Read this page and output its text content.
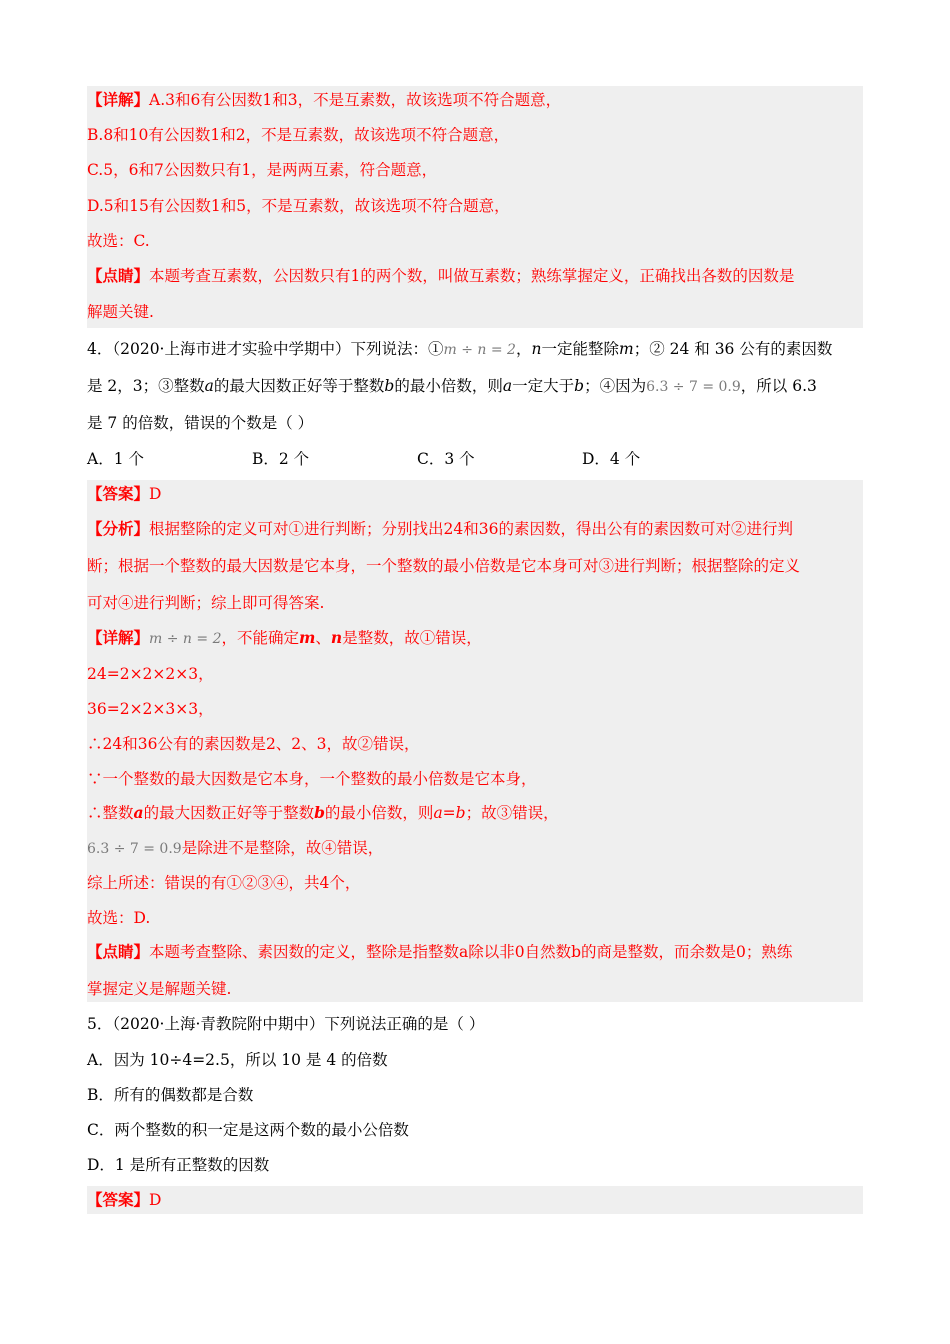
【详解】A.3和6有公因数1和3，不是互素数，故该选项不符合题意，
B.8和10有公因数1和2，不是互素数，故该选项不符合题意，
C.5，6和7公因数只有1，是两两互素，符合题意，
D.5和15有公因数1和5，不是互素数，故该选项不符合题意，
故选：C.
【点睛】本题考查互素数，公因数只有1的两个数，叫做互素数；熟练掌握定义，正确找出各数的因数是
解题关键.
4．（2020·上海市进才实验中学期中）下列说法：①m ÷ n = 2，n一定能整除m；② 24 和 36 公有的素因数
是 2，3；③整数a的最大因数正好等于整数b的最小倍数，则a一定大于b；④因为6.3 ÷ 7 = 0.9，所以 6.3
是 7 的倍数，错误的个数是（ ）
A．1 个	B．2 个	C．3 个	D．4 个
【答案】D
【分析】根据整除的定义可对①进行判断；分别找出24和36的素因数，得出公有的素因数可对②进行判
断；根据一个整数的最大因数是它本身，一个整数的最小倍数是它本身可对③进行判断；根据整除的定义
可对④进行判断；综上即可得答案.
【详解】m ÷ n = 2，不能确定m、n是整数，故①错误，
24=2×2×2×3，
36=2×2×3×3，
∴24和36公有的素因数是2、2、3，故②错误，
∵一个整数的最大因数是它本身，一个整数的最小倍数是它本身，
∴整数a的最大因数正好等于整数b的最小倍数，则a=b；故③错误，
6.3 ÷ 7 = 0.9是除进不是整除，故④错误，
综上所述：错误的有①②③④，共4个，
故选：D.
【点睛】本题考查整除、素因数的定义，整除是指整数a除以非0自然数b的商是整数，而余数是0；熟练
掌握定义是解题关键.
5．（2020·上海·青教院附中期中）下列说法正确的是（ ）
A．因为 10÷4=2.5，所以 10 是 4 的倍数
B．所有的偶数都是合数
C．两个整数的积一定是这两个数的最小公倍数
D．1 是所有正整数的因数
【答案】D
